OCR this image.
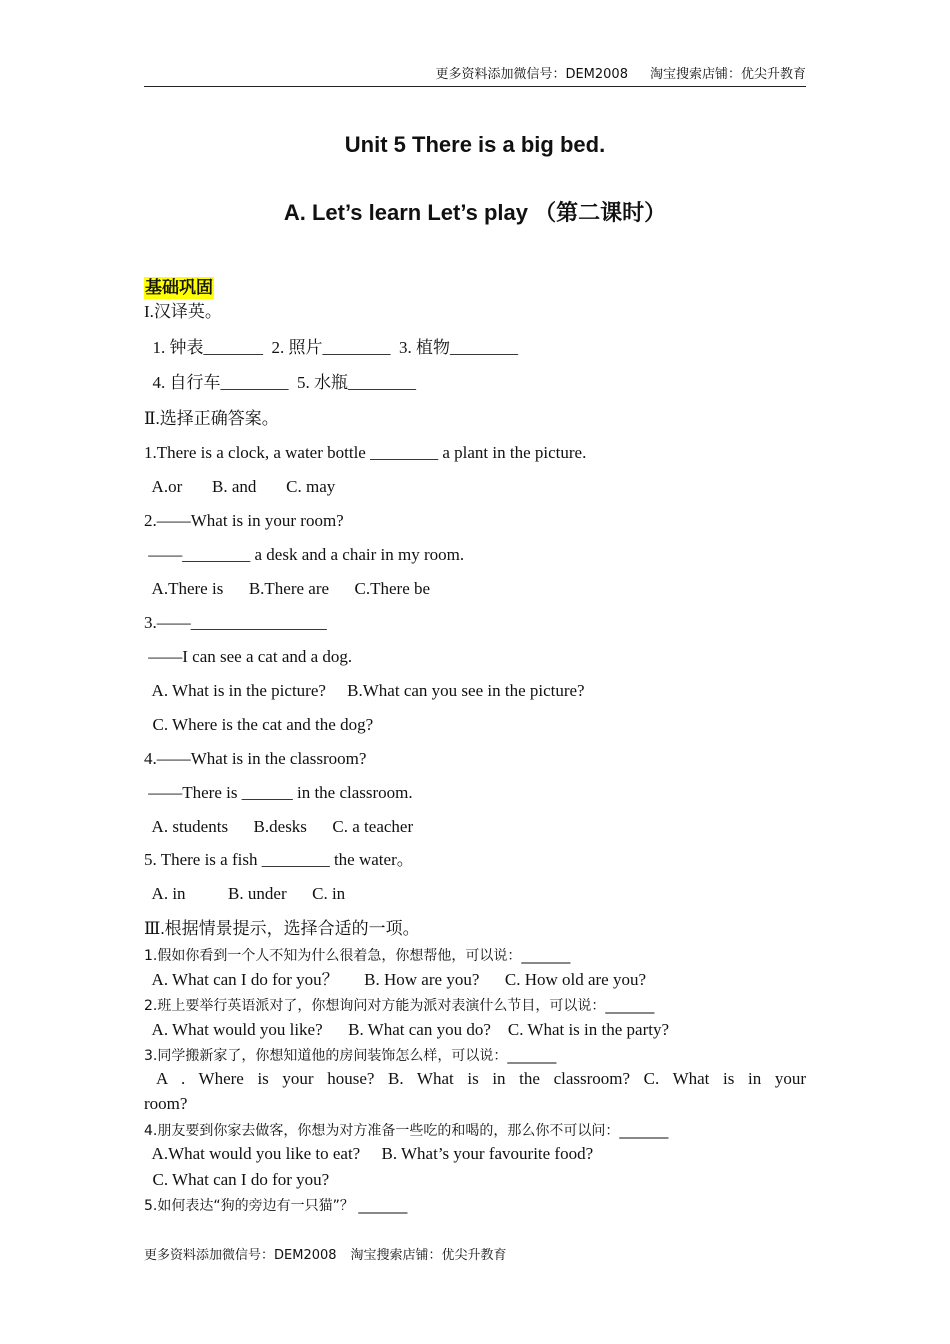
更多资料添加微信号：DEM2008 淘宝搜索店铺：优尖升教育
Unit 5 There is a big bed.
A. Let’s learn Let’s play （第二课时）
基础巩固
I.汉译英。
1. 钟表_______  2. 照片________  3. 植物________
4. 自行车________  5. 水瓶________
Ⅱ.选择正确答案。
1.There is a clock, a water bottle ________ a plant in the picture.
A.or       B. and       C. may
2.——What is in your room?
——________ a desk and a chair in my room.
A.There is      B.There are      C.There be
3.——________________
——I can see a cat and a dog.
A. What is in the picture?     B.What can you see in the picture?
C. Where is the cat and the dog?
4.——What is in the classroom?
——There is ______ in the classroom.
A. students      B.desks      C. a teacher
5. There is a fish ________ the water。
A. in          B. under      C. in
Ⅲ.根据情景提示，选择合适的一项。
1.假如你看到一个人不知为什么很着急，你想帮他，可以说：_______
A. What can I do for you？      B. How are you?      C. How old are you?
2.班上要举行英语派对了，你想询问对方能为派对表演什么节目，可以说：_______
A. What would you like?      B. What can you do?    C. What is in the party?
3.同学搬新家了，你想知道他的房间装饰怎么样，可以说：_______
A . Where is your house? B. What is in the classroom? C. What is in your
room?
4.朋友要到你家去做客，你想为对方准备一些吃的和喝的，那么你不可以问：_______
A.What would you like to eat?     B. What’s your favourite food?
C. What can I do for you?
5.如何表达“狗的旁边有一只猫”？ _______
更多资料添加微信号：DEM2008 淘宝搜索店铺：优尖升教育
